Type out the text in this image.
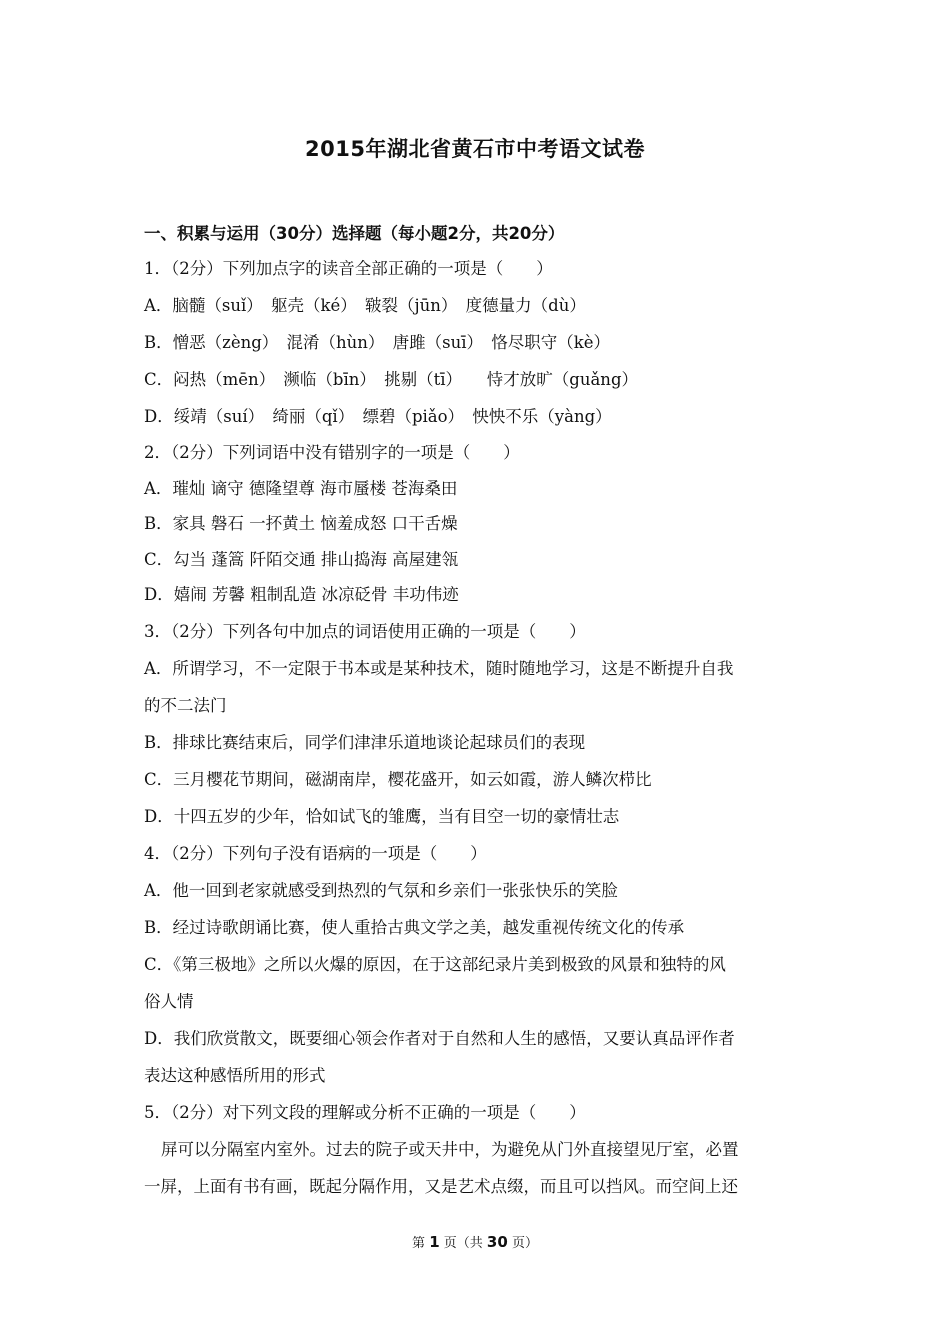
2015年湖北省黄石市中考语文试卷
一、积累与运用（30分）选择题（每小题2分，共20分）
1．（2分）下列加点字的读音全部正确的一项是（　　）
A．脑髓（suǐ）　躯壳（ké）　皲裂（jūn）　度德量力（dù）
B．憎恶（zèng）　混淆（hùn）　唐雎（suī）　恪尽职守（kè）
C．闷热（mēn）　濒临（bīn）　挑剔（tī）　　恃才放旷（guǎng）
D．绥靖（suí）　绮丽（qǐ）　缥碧（piǎo）　怏怏不乐（yàng）
2．（2分）下列词语中没有错别字的一项是（　　）
A．璀灿 谪守 德隆望尊 海市蜃楼 苍海桑田
B．家具 磐石 一抔黄土 恼羞成怒 口干舌燥
C．勾当 蓬篙 阡陌交通 排山捣海 高屋建瓴
D．嬉闹 芳馨 粗制乱造 冰凉砭骨 丰功伟迹
3．（2分）下列各句中加点的词语使用正确的一项是（　　）
A．所谓学习，不一定限于书本或是某种技术，随时随地学习，这是不断提升自我
的不二法门
B．排球比赛结束后，同学们津津乐道地谈论起球员们的表现
C．三月樱花节期间，磁湖南岸，樱花盛开，如云如霞，游人鳞次栉比
D．十四五岁的少年，恰如试飞的雏鹰，当有目空一切的豪情壮志
4．（2分）下列句子没有语病的一项是（　　）
A．他一回到老家就感受到热烈的气氛和乡亲们一张张快乐的笑脸
B．经过诗歌朗诵比赛，使人重拾古典文学之美，越发重视传统文化的传承
C．《第三极地》之所以火爆的原因，在于这部纪录片美到极致的风景和独特的风
俗人情
D．我们欣赏散文，既要细心领会作者对于自然和人生的感悟，又要认真品评作者
表达这种感悟所用的形式
5．（2分）对下列文段的理解或分析不正确的一项是（　　）
屏可以分隔室内室外。过去的院子或天井中，为避免从门外直接望见厅室，必置
一屏，上面有书有画，既起分隔作用，又是艺术点缀，而且可以挡风。而空间上还
第 1 页（共 30 页）
